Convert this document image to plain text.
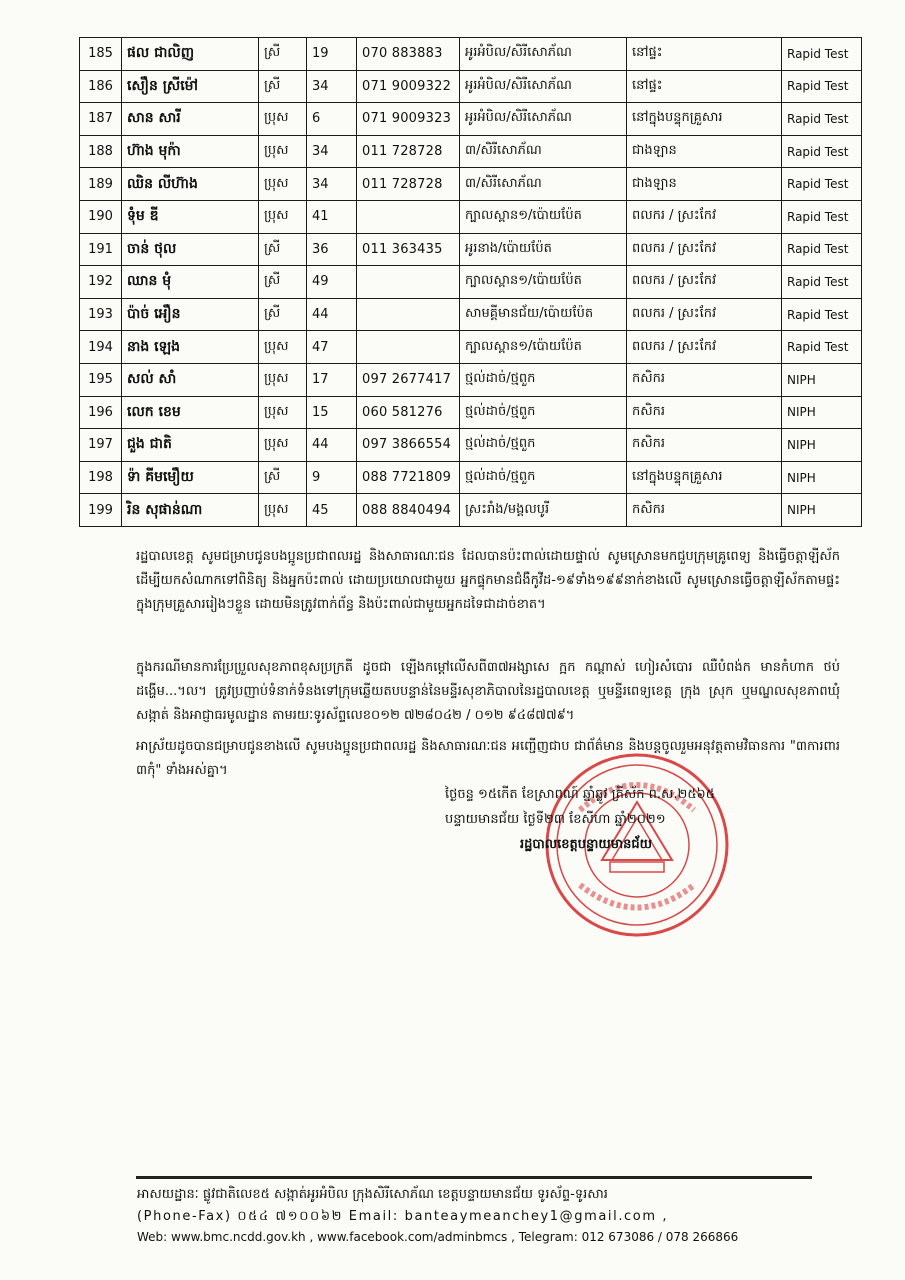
185	ផល ជាលិញ	ស្រី	19	070 883883	អូរអំបិល/សិរីសោភ័ណ	នៅផ្ទះ	Rapid Test
186	សឿន ស្រីម៉ៅ	ស្រី	34	071 9009322	អូរអំបិល/សិរីសោភ័ណ	នៅផ្ទះ	Rapid Test
187	សាន សារី	ប្រុស	6	071 9009323	អូរអំបិល/សិរីសោភ័ណ	នៅក្នុងបន្ទុកគ្រួសារ	Rapid Test
188	ហ៊ាង មុក៉ា	ប្រុស	34	011 728728	៣/សិរីសោភ័ណ	ជាងឡាន	Rapid Test
189	ឈិន លីហ៊ាង	ប្រុស	34	011 728728	៣/សិរីសោភ័ណ	ជាងឡាន	Rapid Test
190	ទុំម ឌី	ប្រុស	41		ក្បាលស្ពាន១/ប៉ោយប៉ែត	ពលករ / ស្រះកែវ	Rapid Test
191	ចាន់ ថុល	ស្រី	36	011 363435	អូរនាង/ប៉ោយប៉ែត	ពលករ / ស្រះកែវ	Rapid Test
192	ឈាន មុំ	ស្រី	49		ក្បាលស្ពាន១/ប៉ោយប៉ែត	ពលករ / ស្រះកែវ	Rapid Test
193	ប៉ាច់ អឿន	ស្រី	44		សាមគ្គីមានជ័យ/ប៉ោយប៉ែត	ពលករ / ស្រះកែវ	Rapid Test
194	នាង ឡេង	ប្រុស	47		ក្បាលស្ពាន១/ប៉ោយប៉ែត	ពលករ / ស្រះកែវ	Rapid Test
195	សល់ សាំ	ប្រុស	17	097 2677417	ថ្មល់ដាច់/ថ្មពួក	កសិករ	NIPH
196	លេក ខេម	ប្រុស	15	060 581276	ថ្មល់ដាច់/ថ្មពួក	កសិករ	NIPH
197	ជួង ជាតិ	ប្រុស	44	097 3866554	ថ្មល់ដាច់/ថ្មពួក	កសិករ	NIPH
198	ទ៉ា គីមមឿយ	ស្រី	9	088 7721809	ថ្មល់ដាច់/ថ្មពួក	នៅក្នុងបន្ទុកគ្រួសារ	NIPH
199	រិន សុផាន់ណា	ប្រុស	45	088 8840494	ស្រះរាំង/មង្គលបូរី	កសិករ	NIPH

រដ្ឋបាលខេត្ត សូមជម្រាបជូនបងប្អូនប្រជាពលរដ្ឋ និងសាធារណៈជន ដែលបានប៉ះពាល់ដោយផ្ទាល់ សូមស្រោនមកជួបក្រុមគ្រូពេទ្យ និងធ្វើចត្តាឡីស័ក ដើម្បីយកសំណាកទៅពិនិត្យ និងអ្នកប៉ះពាល់ ដោយប្រយោលជាមួយ អ្នកផ្ទុកមានជំងឺកូវីដ-១៩ទាំង១៩៩នាក់ខាងលើ សូមស្រោនធ្វើចត្តាឡីស័កតាមផ្ទះក្នុងក្រុមគ្រួសាររៀងៗខ្លួន ដោយមិនត្រូវពាក់ព័ន្ធ និងប៉ះពាល់ជាមួយអ្នកដទៃជាដាច់ខាត។

ក្នុងករណីមានការប្រែប្រួលសុខភាពខុសប្រក្រតី ដូចជា ឡើងកម្ដៅលើសពី៣៧អង្សាសេ ក្អក កណ្ដាស់ ហៀរសំបោរ ឈឺបំពង់ក មានកំហាក ថប់ដង្ហើម...។ល។ ត្រូវប្រញាប់ទំនាក់ទំនងទៅក្រុមឆ្លើយតបបន្ទាន់នៃមន្ទីរសុខាភិបាលនៃរដ្ឋបាលខេត្ត ឬមន្ទីរពេទ្យខេត្ត ក្រុង ស្រុក ឬមណ្ឌលសុខភាពឃុំ សង្កាត់ និងអាជ្ញាធរមូលដ្ឋាន តាមរយៈទូរស័ព្ទលេខ០១២ ៧២៨០៤២ / ០១២ ៩៤៨៧៧៩។

អាស្រ័យដូចបានជម្រាបជូនខាងលើ សូមបងប្អូនប្រជាពលរដ្ឋ និងសាធារណៈជន អញ្ជើញជាប ជាព័ត៌មាន និងបន្តចូលរួមអនុវត្តតាមវិធានការ "៣ការពារ ៣កុំ" ទាំងអស់គ្នា។

ថ្ងៃចន្ទ ១៥កើត ខែស្រាពណ៍ ឆ្នាំឆ្លូវ ត្រីស័ក ព.ស.២៥៦៥
បន្ទាយមានជ័យ ថ្ងៃទី២៣ ខែសីហា ឆ្នាំ២០២១
រដ្ឋបាលខេត្តបន្ទាយមានជ័យ
អាសយដ្ឋានៈ ផ្លូវជាតិលេខ៥ សង្កាត់អូរអំបិល ក្រុងសិរីសោភ័ណ ខេត្តបន្ទាយមានជ័យ ទូរស័ព្ទ-ទូរសារ
(Phone-Fax) ០៥៤ ៧១០០៦២ Email: banteaymeanchey1@gmail.com ,
Web: www.bmc.ncdd.gov.kh , www.facebook.com/adminbmcs , Telegram: 012 673086 / 078 266866
